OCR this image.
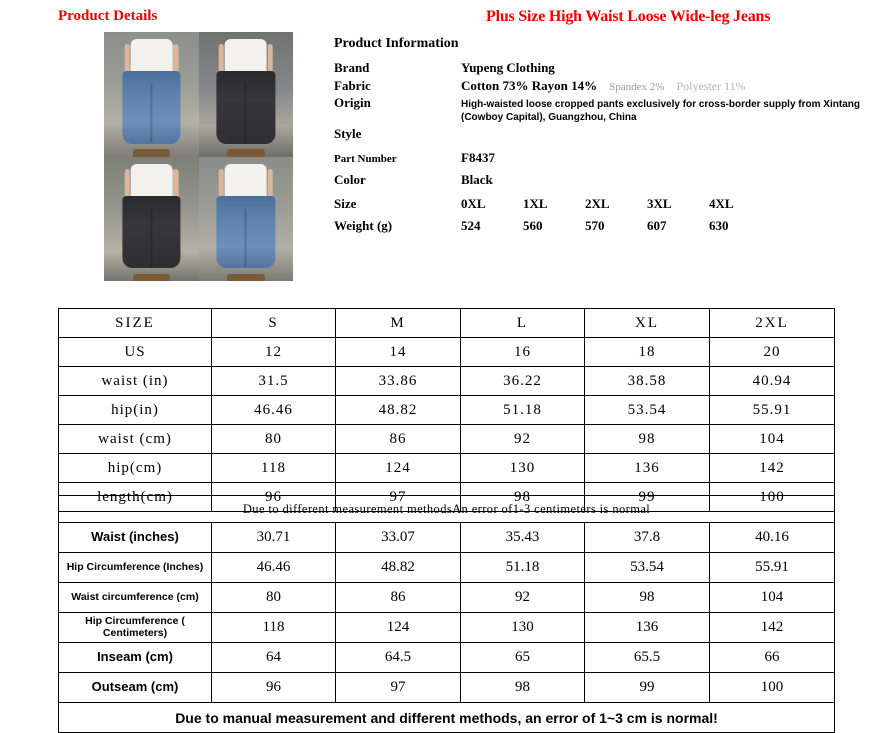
Product Details	Plus Size High Waist Loose Wide-leg Jeans
Product Information
Brand	Yupeng Clothing
Fabric	Cotton 73% Rayon 14% Spandex 2% Polyester 11%
Origin	High-waisted loose cropped pants exclusively for cross-border supply from Xintang (Cowboy Capital), Guangzhou, China
Style
Part Number	F8437
Color	Black
Size	0XL	1XL	2XL	3XL	4XL
Weight (g)	524	560	570	607	630
SIZE	S	M	L	XL	2XL
US	12	14	16	18	20
waist (in)	31.5	33.86	36.22	38.58	40.94
hip(in)	46.46	48.82	51.18	53.54	55.91
waist (cm)	80	86	92	98	104
hip(cm)	118	124	130	136	142
length(cm)	96	97	98	99	100
Due to different measurement methodsAn error of1-3 centimeters is normal					
Waist (inches)	30.71	33.07	35.43	37.8	40.16
Hip Circumference (Inches)	46.46	48.82	51.18	53.54	55.91
Waist circumference (cm)	80	86	92	98	104
Hip Circumference ( Centimeters)	118	124	130	136	142
Inseam (cm)	64	64.5	65	65.5	66
Outseam (cm)	96	97	98	99	100
Due to manual measurement and different methods, an error of 1~3 cm is normal!					
